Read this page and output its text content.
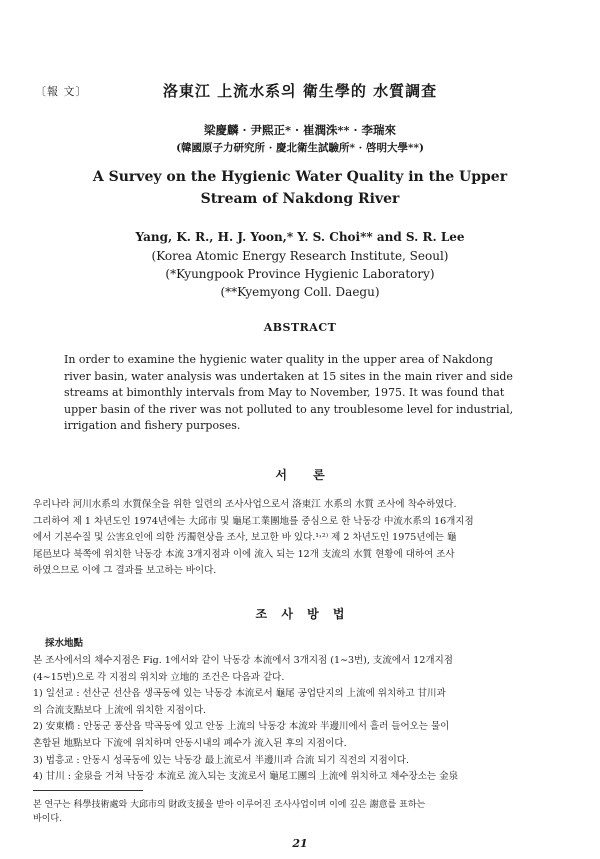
〔報 文〕	洛東江 上流水系의 衛生學的 水質調査
梁慶麟 · 尹熙正* · 崔潤洙** · 李瑞來
(韓國原子力研究所 · 慶北衛生試驗所* · 啓明大學**)
A Survey on the Hygienic Water Quality in the Upper
Stream of Nakdong River
Yang, K. R., H. J. Yoon,* Y. S. Choi** and S. R. Lee
(Korea Atomic Energy Research Institute, Seoul)
(*Kyungpook Province Hygienic Laboratory)
(**Kyemyong Coll. Daegu)
ABSTRACT
In order to examine the hygienic water quality in the upper area of Nakdong
river basin, water analysis was undertaken at 15 sites in the main river and side
streams at bimonthly intervals from May to November, 1975. It was found that
upper basin of the river was not polluted to any troublesome level for industrial,
irrigation and fishery purposes.
서 론
우리나라 河川水系의 水質保全을 위한 일련의 조사사업으로서 洛東江 水系의 水質 조사에 착수하였다.
그리하여 제 1 차년도인 1974년에는 大邱市 및 龜尾工業團地를 중심으로 한 낙동강 中流水系의 16개지점
에서 기본수질 및 公害요인에 의한 汚濁현상을 조사, 보고한 바 있다.¹˒²⁾ 제 2 차년도인 1975년에는 龜
尾邑보다 북쪽에 위치한 낙동강 本流 3개지점과 이에 流入 되는 12개 支流의 水質 현황에 대하여 조사
하였으므로 이에 그 결과를 보고하는 바이다.
조 사 방 법
採水地點
본 조사에서의 채수지점은 Fig. 1에서와 같이 낙동강 本流에서 3개지점 (1∼3번), 支流에서 12개지점
(4∼15번)으로 각 지점의 위치와 立地的 조건은 다음과 같다.
1) 일선교 : 선산군 선산읍 생곡동에 있는 낙동강 本流로서 龜尾 공업단지의 上流에 위치하고 甘川과
의 合流支點보다 上流에 위치한 지점이다.
2) 安東橋 : 안동군 풍산읍 막곡동에 있고 안동 上流의 낙동강 本流와 半邊川에서 흘러 들어오는 물이
혼합된 地點보다 下流에 위치하며 안동시내의 폐수가 流入된 후의 지점이다.
3) 법흥교 : 안동시 성곡동에 있는 낙동강 最上流로서 半邊川과 合流 되기 직전의 지점이다.
4) 甘川 : 金泉을 거쳐 낙동강 本流로 流入되는 支流로서 龜尾工團의 上流에 위치하고 채수장소는 金泉
본 연구는 科學技術處와 大邱市의 財政支援을 받아 이루어진 조사사업이며 이에 깊은 謝意를 표하는
바이다.
21
